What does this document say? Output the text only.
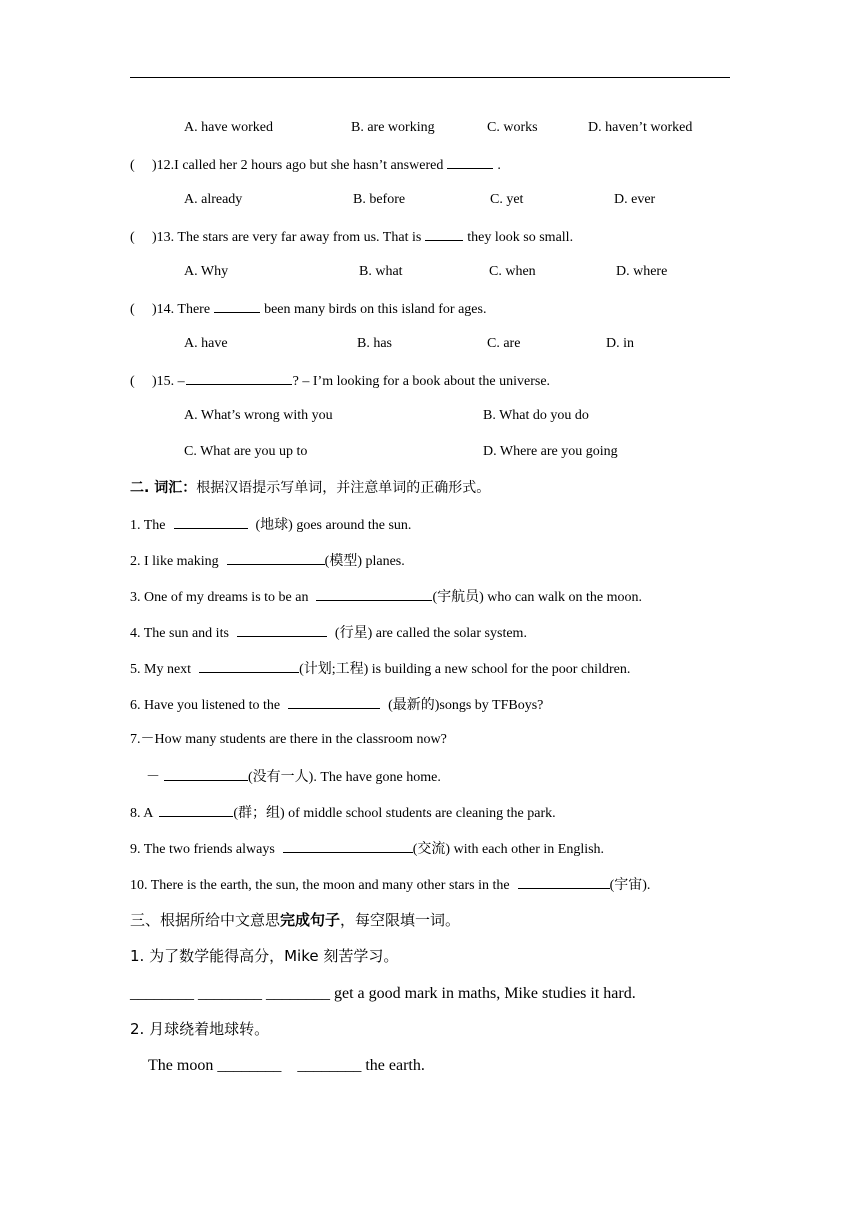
A. have worked	B. are working	C. works	D. haven’t worked
( )12.I called her 2 hours ago but she hasn’t answered	.
A. already	B. before	C. yet	D. ever
( )13. The stars are very far away from us. That is	they look so small.
A. Why	B. what	C. when	D. where
( )14. There	been many birds on this island for ages.
A. have	B. has	C. are	D. in
( )15. –	? – I’m looking for a book about the universe.
A. What’s wrong with you	B. What do you do
C. What are you up to	D. Where are you going
二. 词汇：根据汉语提示写单词，并注意单词的正确形式。
1. The	(地球) goes around the sun.
2. I like making	(模型) planes.
3. One of my dreams is to be an	(宇航员) who can walk on the moon.
4. The sun and its	(行星) are called the solar system.
5. My next	(计划;工程) is building a new school for the poor children.
6. Have you listened to the	(最新的)songs by TFBoys?
7.－How many students are there in the classroom now?
－	(没有一人). The have gone home.
8. A	(群；组) of middle school students are cleaning the park.
9. The two friends always	(交流) with each other in English.
10. There is the earth, the sun, the moon and many other stars in the	(宇宙).
三、根据所给中文意思完成句子，每空限填一词。
1. 为了数学能得高分，Mike 刻苦学习。
________ ________ ________ get a good mark in maths, Mike studies it hard.
2. 月球绕着地球转。
The moon ________    ________ the earth.
